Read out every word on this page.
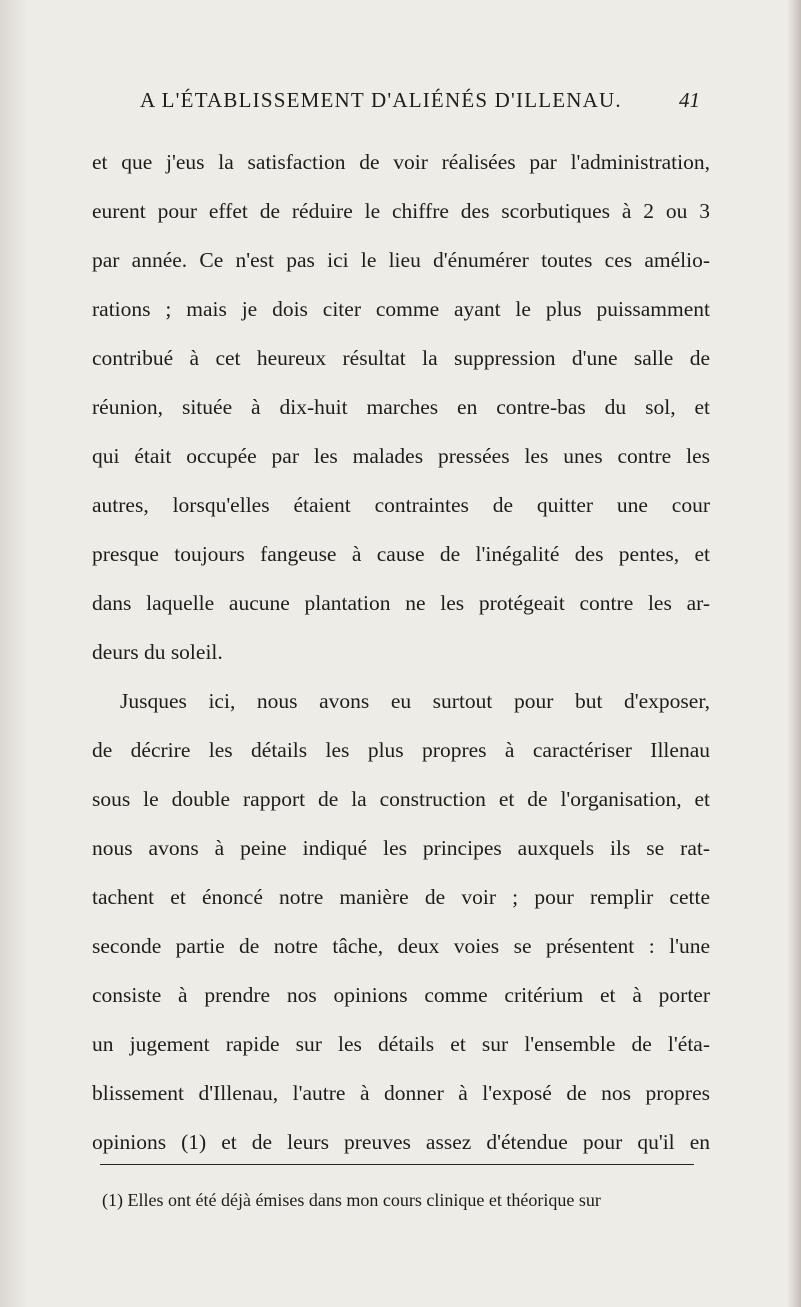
A L'ÉTABLISSEMENT D'ALIÉNÉS D'ILLENAU.	41
et que j'eus la satisfaction de voir réalisées par l'administration,
eurent pour effet de réduire le chiffre des scorbutiques à 2 ou 3
par année. Ce n'est pas ici le lieu d'énumérer toutes ces amélio-
rations ; mais je dois citer comme ayant le plus puissamment
contribué à cet heureux résultat la suppression d'une salle de
réunion, située à dix-huit marches en contre-bas du sol, et
qui était occupée par les malades pressées les unes contre les
autres, lorsqu'elles étaient contraintes de quitter une cour
presque toujours fangeuse à cause de l'inégalité des pentes, et
dans laquelle aucune plantation ne les protégeait contre les ar-
deurs du soleil.
Jusques ici, nous avons eu surtout pour but d'exposer,
de décrire les détails les plus propres à caractériser Illenau
sous le double rapport de la construction et de l'organisation, et
nous avons à peine indiqué les principes auxquels ils se rat-
tachent et énoncé notre manière de voir ; pour remplir cette
seconde partie de notre tâche, deux voies se présentent : l'une
consiste à prendre nos opinions comme critérium et à porter
un jugement rapide sur les détails et sur l'ensemble de l'éta-
blissement d'Illenau, l'autre à donner à l'exposé de nos propres
opinions (1) et de leurs preuves assez d'étendue pour qu'il en
(1) Elles ont été déjà émises dans mon cours clinique et théorique sur
